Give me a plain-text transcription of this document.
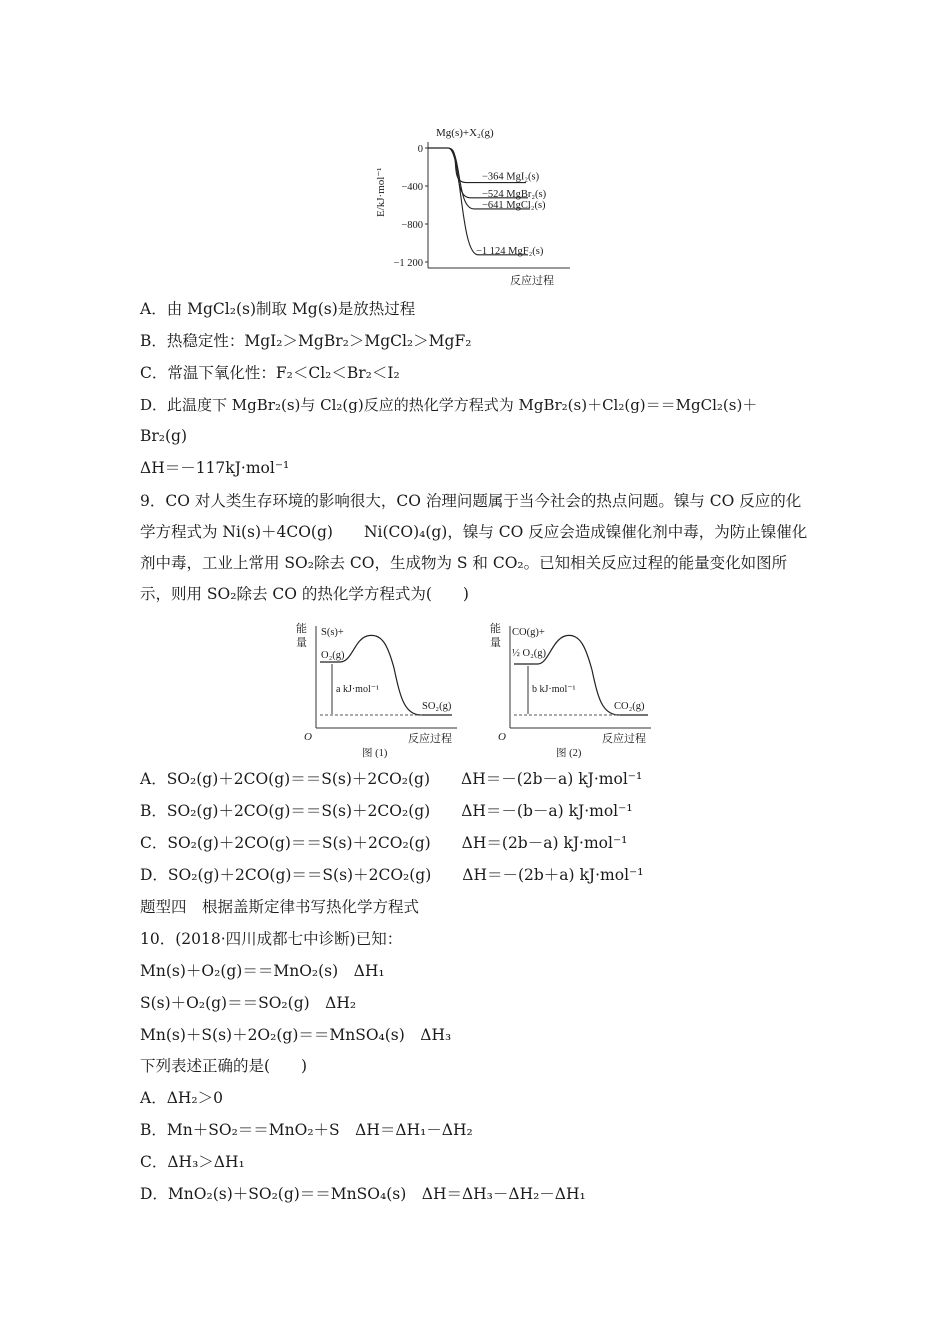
Mg(s)+X₂(g)
E/kJ·mol⁻¹
0
−400
−800
−1 200
−364 MgI₂(s)
−524 MgBr₂(s)
−641 MgCl₂(s)
−1 124 MgF₂(s)
反应过程
A．由 MgCl₂(s)制取 Mg(s)是放热过程
B．热稳定性：MgI₂＞MgBr₂＞MgCl₂＞MgF₂
C．常温下氧化性：F₂＜Cl₂＜Br₂＜I₂
D．此温度下 MgBr₂(s)与 Cl₂(g)反应的热化学方程式为 MgBr₂(s)＋Cl₂(g)＝＝MgCl₂(s)＋
Br₂(g)
ΔH＝－117kJ·mol⁻¹
9．CO 对人类生存环境的影响很大，CO 治理问题属于当今社会的热点问题。镍与 CO 反应的化学方程式为 Ni(s)＋4CO(g)　　Ni(CO)₄(g)，镍与 CO 反应会造成镍催化剂中毒，为防止镍催化剂中毒，工业上常用 SO₂除去 CO，生成物为 S 和 CO₂。已知相关反应过程的能量变化如图所示，则用 SO₂除去 CO 的热化学方程式为(　　)
能
量
S(s)+
O₂(g)
a kJ·mol⁻¹
SO₂(g)
O	反应过程
图 (1)
能
量
CO(g)+
½ O₂(g)
b kJ·mol⁻¹
CO₂(g)
O	反应过程
图 (2)
A．SO₂(g)＋2CO(g)＝＝S(s)＋2CO₂(g)　　ΔH＝－(2b－a) kJ·mol⁻¹
B．SO₂(g)＋2CO(g)＝＝S(s)＋2CO₂(g)　　ΔH＝－(b－a) kJ·mol⁻¹
C．SO₂(g)＋2CO(g)＝＝S(s)＋2CO₂(g)　　ΔH＝(2b－a) kJ·mol⁻¹
D．SO₂(g)＋2CO(g)＝＝S(s)＋2CO₂(g)　　ΔH＝－(2b＋a) kJ·mol⁻¹
题型四　根据盖斯定律书写热化学方程式
10．(2018·四川成都七中诊断)已知：
Mn(s)＋O₂(g)＝＝MnO₂(s)　ΔH₁
S(s)＋O₂(g)＝＝SO₂(g)　ΔH₂
Mn(s)＋S(s)＋2O₂(g)＝＝MnSO₄(s)　ΔH₃
下列表述正确的是(　　)
A．ΔH₂＞0
B．Mn＋SO₂＝＝MnO₂＋S　ΔH＝ΔH₁－ΔH₂
C．ΔH₃＞ΔH₁
D．MnO₂(s)＋SO₂(g)＝＝MnSO₄(s)　ΔH＝ΔH₃－ΔH₂－ΔH₁
